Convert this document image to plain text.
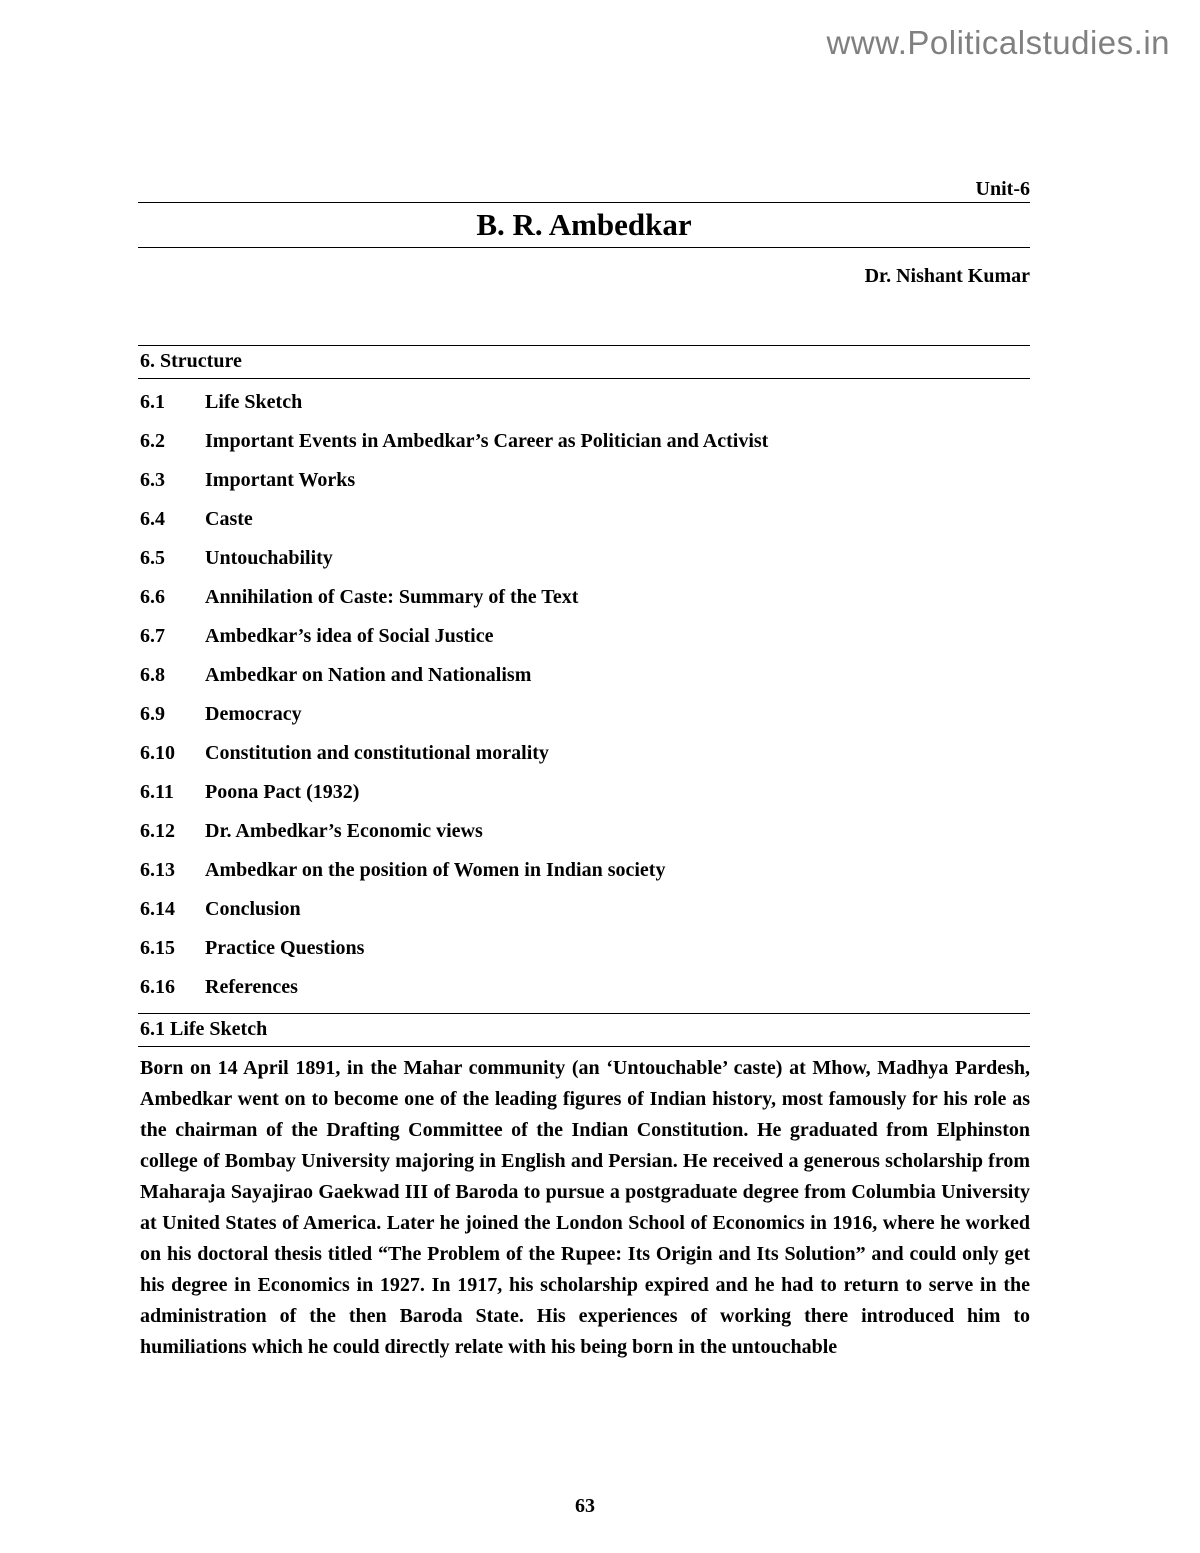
www.Politicalstudies.in
Unit-6
B. R. Ambedkar
Dr. Nishant Kumar
6. Structure
6.1	Life Sketch
6.2	Important Events in Ambedkar’s Career as Politician and Activist
6.3	Important Works
6.4	Caste
6.5	Untouchability
6.6	Annihilation of Caste: Summary of the Text
6.7	Ambedkar’s idea of Social Justice
6.8	Ambedkar on Nation and Nationalism
6.9	Democracy
6.10	Constitution and constitutional morality
6.11	Poona Pact (1932)
6.12	Dr. Ambedkar’s Economic views
6.13	Ambedkar on the position of Women in Indian society
6.14	Conclusion
6.15	Practice Questions
6.16	References
6.1 Life Sketch

Born on 14 April 1891, in the Mahar community (an ‘Untouchable’ caste) at Mhow, Madhya Pardesh, Ambedkar went on to become one of the leading figures of Indian history, most famously for his role as the chairman of the Drafting Committee of the Indian Constitution. He graduated from Elphinston college of Bombay University majoring in English and Persian. He received a generous scholarship from Maharaja Sayajirao Gaekwad III of Baroda to pursue a postgraduate degree from Columbia University at United States of America. Later he joined the London School of Economics in 1916, where he worked on his doctoral thesis titled “The Problem of the Rupee: Its Origin and Its Solution” and could only get his degree in Economics in 1927. In 1917, his scholarship expired and he had to return to serve in the administration of the then Baroda State. His experiences of working there introduced him to humiliations which he could directly relate with his being born in the untouchable

63
